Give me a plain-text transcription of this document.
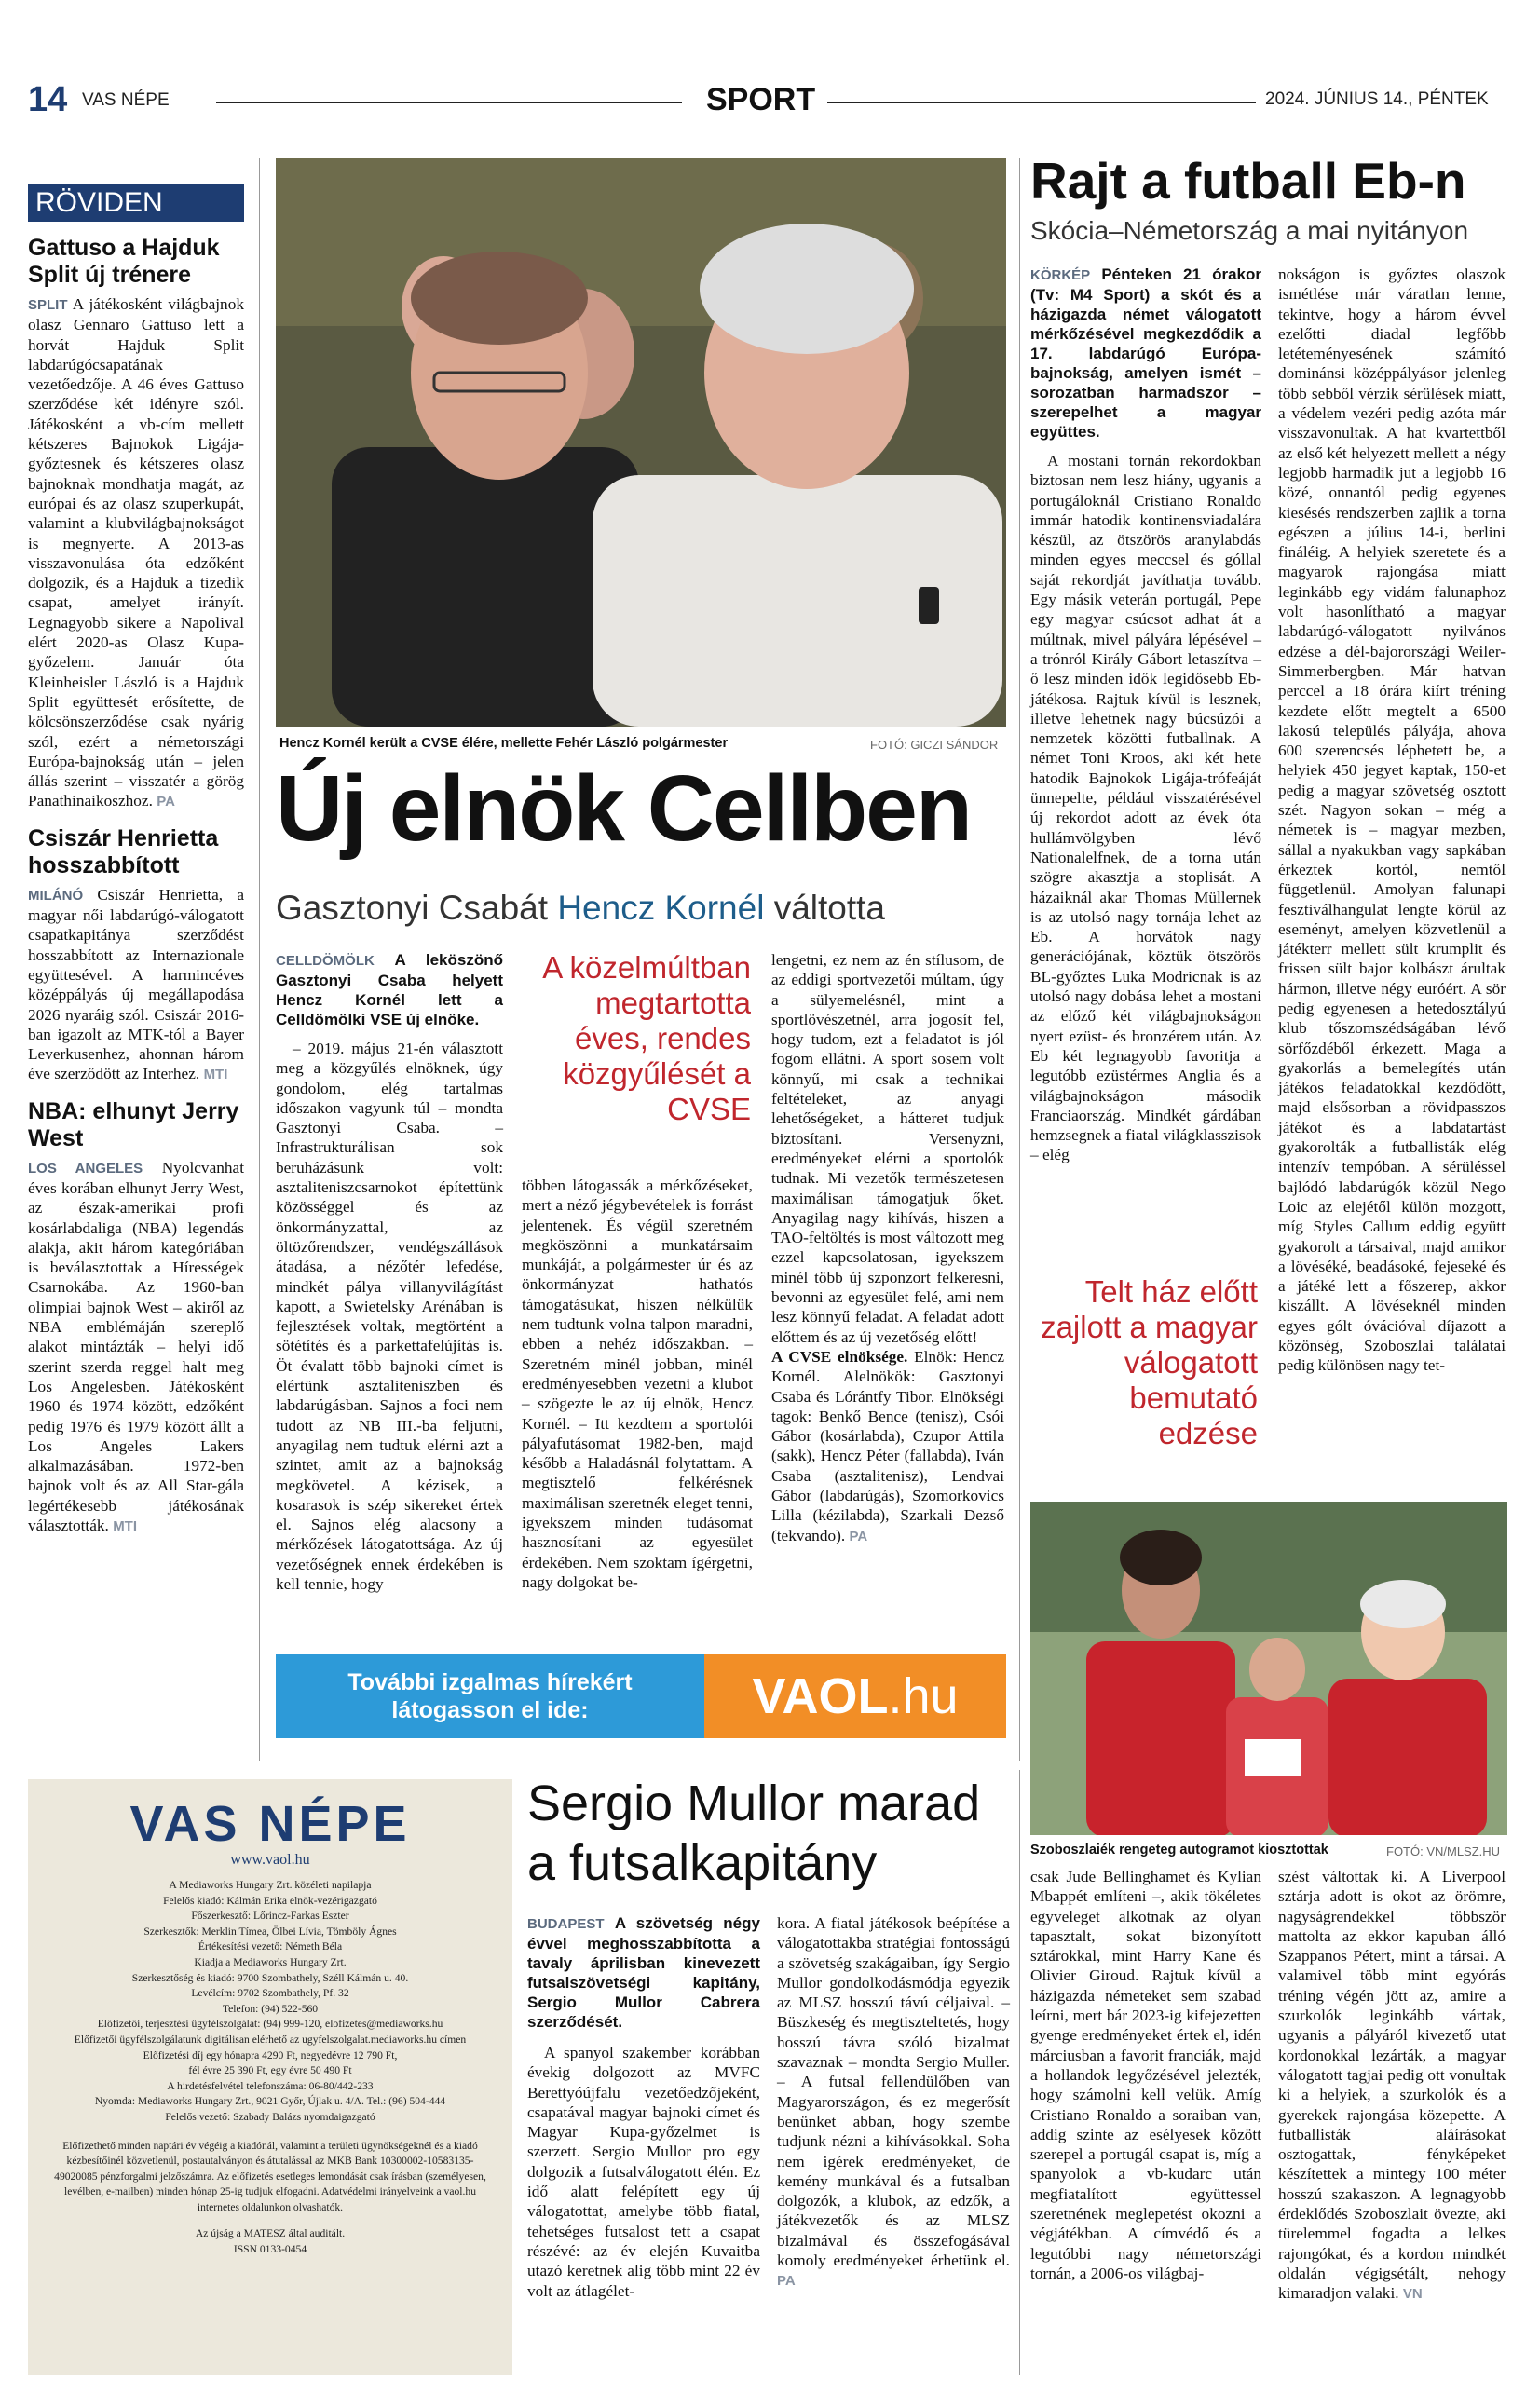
14 VAS NÉPE	SPORT	2024. JÚNIUS 14., PÉNTEK
RÖVIDEN
Gattuso a Hajduk Split új trénere
SPLIT A játékosként világbajnok olasz Gennaro Gattuso lett a horvát Hajduk Split labdarúgócsapatának vezetőedzője. A 46 éves Gattuso szerződése két idényre szól. Játékosként a vb-cím mellett kétszeres Bajnokok Ligája-győztesnek és kétszeres olasz bajnoknak mondhatja magát, az európai és az olasz szuperkupát, valamint a klubvilágbajnokságot is megnyerte. A 2013-as visszavonulása óta edzőként dolgozik, és a Hajduk a tizedik csapat, amelyet irányít. Legnagyobb sikere a Napolival elért 2020-as Olasz Kupa-győzelem. Január óta Kleinheisler László is a Hajduk Split együttesét erősítette, de kölcsönszerződése csak nyárig szól, ezért a németországi Európa-bajnokság után – jelen állás szerint – visszatér a görög Panathinaikoszhoz. PA
Csiszár Henrietta hosszabbított
MILÁNÓ Csiszár Henrietta, a magyar női labdarúgó-válogatott csapatkapitánya szerződést hosszabbított az Internazionale együttesével. A harmincéves középpályás új megállapodása 2026 nyaráig szól. Csiszár 2016-ban igazolt az MTK-tól a Bayer Leverkusenhez, ahonnan három éve szerződött az Interhez. MTI
NBA: elhunyt Jerry West
LOS ANGELES Nyolcvanhat éves korában elhunyt Jerry West, az észak-amerikai profi kosárlabdaliga (NBA) legendás alakja, akit három kategóriában is beválasztottak a Hírességek Csarnokába. Az 1960-ban olimpiai bajnok West – akiről az NBA emblémáján szereplő alakot mintázták – helyi idő szerint szerda reggel halt meg Los Angelesben. Játékosként 1960 és 1974 között, edzőként pedig 1976 és 1979 között állt a Los Angeles Lakers alkalmazásában. 1972-ben bajnok volt és az All Star-gála legértékesebb játékosának választották. MTI
Hencz Kornél került a CVSE élére, mellette Fehér László polgármester	FOTÓ: GICZI SÁNDOR
Új elnök Cellben
Gasztonyi Csabát Hencz Kornél váltotta

CELLDÖMÖLK A leköszönő Gasztonyi Csaba helyett Hencz Kornél lett a Celldömölki VSE új elnöke.

– 2019. május 21-én választott meg a közgyűlés elnöknek, úgy gondolom, elég tartalmas időszakon vagyunk túl – mondta Gasztonyi Csaba. – Infrastrukturálisan sok beruházásunk volt: asztaliteniszcsarnokot építettünk közösséggel és az önkormányzattal, az öltözőrendszer, vendégszállások átadása, a nézőtér lefedése, mindkét pálya villanyvilágítást kapott, a Swietelsky Arénában is fejlesztések voltak, megtörtént a sötétítés és a parkettafelújítás is. Öt évalatt több bajnoki címet is elértünk asztaliteniszben és labdarúgásban. Sajnos a foci nem tudott az NB III.-ba feljutni, anyagilag nem tudtuk elérni azt a szintet, amit az a bajnokság megkövetel. A kézisek, a kosarasok is szép sikereket értek el. Sajnos elég alacsony a mérkőzések látogatottsága. Az új vezetőségnek ennek érdekében is kell tennie, hogy

A közelmúltban megtartotta éves, rendes közgyűlését a CVSE

többen látogassák a mérkőzéseket, mert a néző jégybevételek is forrást jelentenek. És végül szeretném megköszönni a munkatársaim munkáját, a polgármester úr és az önkormányzat hathatós támogatásukat, hiszen nélkülük nem tudtunk volna talpon maradni, ebben a nehéz időszakban. – Szeretném minél jobban, minél eredményesebben vezetni a klubot – szögezte le az új elnök, Hencz Kornél. – Itt kezdtem a sportolói pályafutásomat 1982-ben, majd később a Haladásnál folytattam. A megtisztelő felkérésnek maximálisan szeretnék eleget tenni, igyekszem minden tudásomat hasznosítani az egyesület érdekében. Nem szoktam ígérgetni, nagy dolgokat be-

lengetni, ez nem az én stílusom, de az eddigi sportvezetői múltam, úgy a sülyemelésnél, mint a sportlövészetnél, arra jogosít fel, hogy tudom, ezt a feladatot is jól fogom ellátni. A sport sosem volt könnyű, mi csak a technikai feltételeket, az anyagi lehetőségeket, a hátteret tudjuk biztosítani. Versenyzni, eredményeket elérni a sportolók tudnak. Mi vezetők természetesen maximálisan támogatjuk őket. Anyagilag nagy kihívás, hiszen a TAO-feltöltés is most változott meg ezzel kapcsolatosan, igyekszem minél több új szponzort felkeresni, bevonni az egyesület felé, ami nem lesz könnyű feladat. A feladat adott előttem és az új vezetőség előtt!

A CVSE elnöksége. Elnök: Hencz Kornél. Alelnökök: Gasztonyi Csaba és Lórántfy Tibor. Elnökségi tagok: Benkő Bence (tenisz), Csói Gábor (kosárlabda), Czupor Attila (sakk), Hencz Péter (fallabda), Iván Csaba (asztalitenisz), Lendvai Gábor (labdarúgás), Szomorkovics Lilla (kézilabda), Szarkali Dezső (tekvando). PA

További izgalmas hírekért
látogasson el ide:	VAOL .hu
Rajt a futball Eb-n
Skócia–Németország a mai nyitányon

KÖRKÉP Pénteken 21 órakor (Tv: M4 Sport) a skót és a házigazda német válogatott mérkőzésével megkezdődik a 17. labdarúgó Európa-bajnokság, amelyen ismét – sorozatban harmadszor – szerepelhet a magyar együttes.

A mostani tornán rekordokban biztosan nem lesz hiány, ugyanis a portugáloknál Cristiano Ronaldo immár hatodik kontinensviadalára készül, az ötszörös aranylabdás minden egyes meccsel és góllal saját rekordját javíthatja tovább. Egy másik veterán portugál, Pepe egy magyar csúcsot adhat át a múltnak, mivel pályára lépésével – a trónról Király Gábort letaszítva – ő lesz minden idők legidősebb Eb-játékosa. Rajtuk kívül is lesznek, illetve lehetnek nagy búcsúzói a nemzetek közötti futballnak. A német Toni Kroos, aki két hete hatodik Bajnokok Ligája-trófeáját ünnepelte, például visszatérésével új rekordot adott az évek óta hullámvölgyben lévő Nationalelfnek, de a torna után szögre akasztja a stoplisát. A házaiknál akar Thomas Müllernek is az utolsó nagy tornája lehet az Eb. A horvátok nagy generációjának, köztük ötszörös BL-győztes Luka Modricnak is az utolsó nagy dobása lehet a mostani az előző két világbajnokságon nyert ezüst- és bronzérem után. Az Eb két legnagyobb favoritja a legutóbb ezüstérmes Anglia és a világbajnokságon második Franciaország. Mindkét gárdában hemzsegnek a fiatal világklasszisok – elég

Telt ház előtt zajlott a magyar válogatott bemutató edzése

nokságon is győztes olaszok ismétlése már váratlan lenne, tekintve, hogy a három évvel ezelőtti diadal legfőbb letéteményesének számító dominánsi középpályásor jelenleg több sebből vérzik sérülések miatt, a védelem vezéri pedig azóta már visszavonultak. A hat kvartettből az első két helyezett mellett a négy legjobb harmadik jut a legjobb 16 közé, onnantól pedig egyenes kiesésés rendszerben zajlik a torna egészen a július 14-i, berlini fináléig. A helyiek szeretete és a magyarok rajongása miatt leginkább egy vidám falunaphoz volt hasonlítható a magyar labdarúgó-válogatott nyilvános edzése a dél-bajorországi Weiler-Simmerbergben. Már hatvan perccel a 18 órára kiírt tréning kezdete előtt megtelt a 6500 lakosú település pályája, ahova 600 szerencsés léphetett be, a helyiek 450 jegyet kaptak, 150-et pedig a magyar szövetség osztott szét. Nagyon sokan – még a németek is – magyar mezben, sállal a nyakukban vagy sapkában érkeztek kortól, nemtől függetlenül. Amolyan falunapi fesztiválhangulat lengte körül az eseményt, amelyen közvetlenül a játékterr mellett sült krumplit és frissen sült bajor kolbászt árultak hármon, illetve négy euróért. A sör pedig egyenesen a hetedosztályú klub tőszomszédságában lévő sörfőzdéből érkezett. Maga a gyakorlás a bemelegítés után játékos feladatokkal kezdődött, majd elsősorban a rövidpasszos játékot és a labdatartást gyakorolták a futballisták elég intenzív tempóban. A sérüléssel bajlódó labdarúgók közül Nego Loic az elejétől külön mozgott, míg Styles Callum eddig együtt gyakorolt a társaival, majd amikor a lövéséké, beadásoké, fejeseké és a játéké lett a főszerep, akkor kiszállt. A lövéseknél minden egyes gólt óvációval díjazott a közönség, Szoboszlai találatai pedig különösen nagy tet-

Szoboszlaiék rengeteg autogramot kiosztottak	FOTÓ: VN/MLSZ.HU

csak Jude Bellinghamet és Kylian Mbappét említeni –, akik tökéletes egyveleget alkotnak az olyan tapasztalt, sokat bizonyított sztárokkal, mint Harry Kane és Olivier Giroud. Rajtuk kívül a házigazda németeket sem szabad leírni, mert bár 2023-ig kifejezetten gyenge eredményeket értek el, idén márciusban a favorit franciák, majd a hollandok legyőzésével jelezték, hogy számolni kell velük. Amíg Cristiano Ronaldo a soraiban van, addig szinte az esélyesek között szerepel a portugál csapat is, míg a spanyolok a vb-kudarc után megfiatalított együttessel szeretnének meglepetést okozni a végjátékban. A címvédő és a legutóbbi nagy németországi tornán, a 2006-os világbaj-

szést váltottak ki. A Liverpool sztárja adott is okot az örömre, nagyságrendekkel többször mattolta az ekkor kapuban álló Szappanos Pétert, mint a társai. A valamivel több mint egyórás tréning végén jött az, amire a szurkolók leginkább vártak, ugyanis a pályáról kivezető utat kordonokkal lezárták, a magyar válogatott tagjai pedig ott vonultak ki a helyiek, a szurkolók és a gyerekek rajongása közepette. A futballisták aláírásokat osztogattak, fényképeket készítettek a mintegy 100 méter hosszú szakaszon. A legnagyobb érdeklődés Szoboszlait övezte, aki türelemmel fogadta a lelkes rajongókat, és a kordon mindkét oldalán végigsétált, nehogy kimaradjon valaki. VN

VAS NÉPE
www.vaol.hu
A Mediaworks Hungary Zrt. közéleti napilapja
Felelős kiadó: Kálmán Erika elnök-vezérigazgató
Főszerkesztő: Lőrincz-Farkas Eszter
Szerkesztők: Merklin Tímea, Ölbei Lívia, Tömböly Ágnes
Értékesítési vezető: Németh Béla
Kiadja a Mediaworks Hungary Zrt.
Szerkesztőség és kiadó: 9700 Szombathely, Széll Kálmán u. 40.
Levélcím: 9702 Szombathely, Pf. 32
Telefon: (94) 522-560
Előfizetői, terjesztési ügyfélszolgálat: (94) 999-120, elofizetes@mediaworks.hu
Előfizetői ügyfélszolgálatunk digitálisan elérhető az ugyfelszolgalat.mediaworks.hu címen
Előfizetési díj egy hónapra 4290 Ft, negyedévre 12 790 Ft,
fél évre 25 390 Ft, egy évre 50 490 Ft
A hirdetésfelvétel telefonszáma: 06-80/442-233
Nyomda: Mediaworks Hungary Zrt., 9021 Győr, Újlak u. 4/A. Tel.: (96) 504-444
Felelős vezető: Szabady Balázs nyomdaigazgató
Előfizethető minden naptári év végéig a kiadónál, valamint a területi ügynökségeknél és a kiadó kézbesítőinél közvetlenül, postautalványon és átutalással az MKB Bank 10300002-10583135-49020085 pénzforgalmi jelzőszámra. Az előfizetés esetleges lemondását csak írásban (személyesen, levélben, e-mailben) minden hónap 25-ig tudjuk elfogadni. Adatvédelmi irányelveink a vaol.hu internetes oldalunkon olvashatók.
Az újság a MATESZ által auditált.
ISSN 0133-0454
Sergio Mullor marad a futsalkapitány

BUDAPEST A szövetség négy évvel meghosszabbította a tavaly áprilisban kinevezett futsalszövetségi kapitány, Sergio Mullor Cabrera szerződését.

A spanyol szakember korábban évekig dolgozott az MVFC Berettyóújfalu vezetőedzőjeként, csapatával magyar bajnoki címet és Magyar Kupa-győzelmet is szerzett. Sergio Mullor pro egy dolgozik a futsalválogatott élén. Ez idő alatt felépített egy új válogatottat, amelybe több fiatal, tehetséges futsalost tett a csapat részévé: az év elején Kuvaitba utazó keretnek alig több mint 22 év volt az átlagélet-

kora. A fiatal játékosok beépítése a válogatottakba stratégiai fontosságú a szövetség szakágaiban, így Sergio Mullor gondolkodásmódja egyezik az MLSZ hosszú távú céljaival. – Büszkeség és megtiszteltetés, hogy hosszú távra szóló bizalmat szavaznak – mondta Sergio Muller. – A futsal fellendülőben van Magyarországon, és ez megerősít benünket abban, hogy szembe tudjunk nézni a kihívásokkal. Soha nem igérek eredményeket, de kemény munkával és a futsalban dolgozók, a klubok, az edzők, a játékvezetők és az MLSZ bizalmával és összefogásával komoly eredményeket érhetünk el. PA
